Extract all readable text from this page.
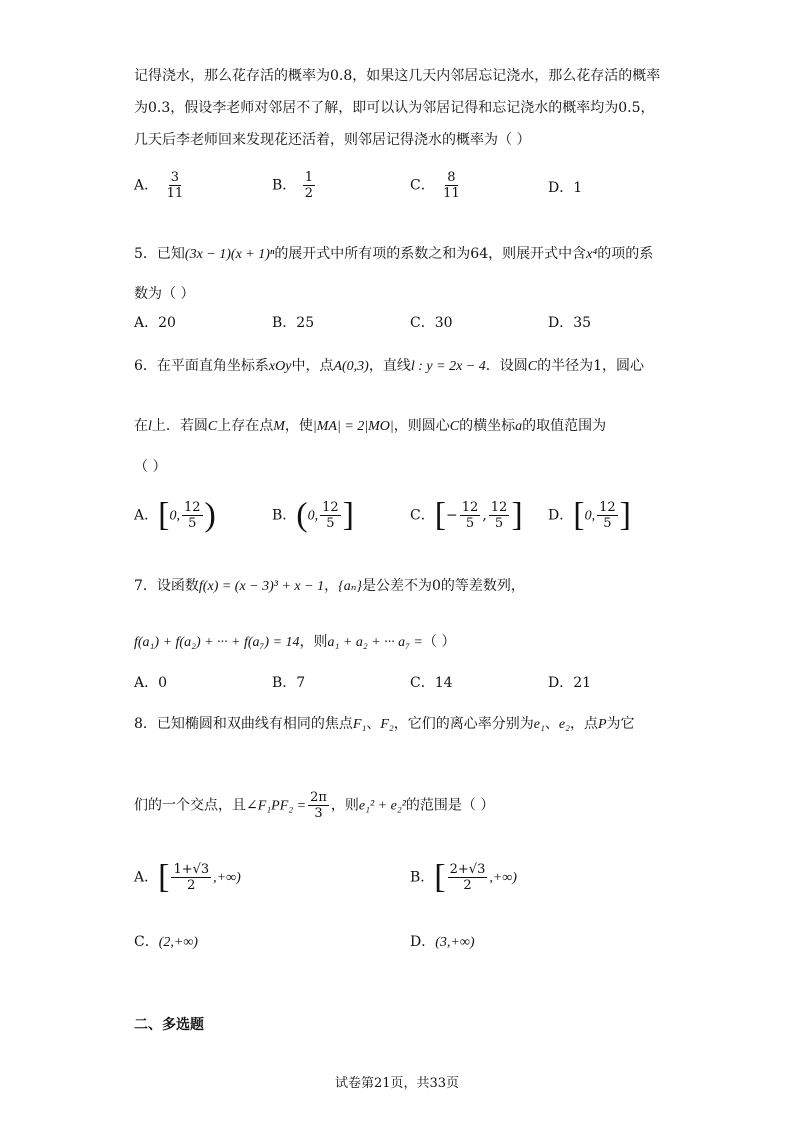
记得浇水，那么花存活的概率为0.8，如果这几天内邻居忘记浇水，那么花存活的概率
为0.3，假设李老师对邻居不了解，即可以认为邻居记得和忘记浇水的概率均为0.5，
几天后李老师回来发现花还活着，则邻居记得浇水的概率为（ ）
A． $\frac{3}{11}$	B． $\frac{1}{2}$	C． $\frac{8}{11}$	D．1
5．已知(3x − 1)(x + 1)ⁿ的展开式中所有项的系数之和为64，则展开式中含x⁴的项的系
数为（ ）
A．20	B．25	C．30	D．35
6．在平面直角坐标系xOy中，点A(0,3)，直线l : y = 2x − 4．设圆C的半径为1，圆心
在l上．若圆C上存在点M，使|MA| = 2|MO|，则圆心C的横坐标a的取值范围为
（ ）
A．[0, $\frac{12}{5}$ )	B．(0, $\frac{12}{5}$ ]	C．[− $\frac{12}{5}$ , $\frac{12}{5}$ ] D．[0, $\frac{12}{5}$ ]
7．设函数f(x) = (x − 3)³ + x − 1，{aₙ}是公差不为0的等差数列，
f(a₁) + f(a₂) + ··· + f(a₇) = 14，则a₁ + a₂ + ··· a₇ =（ ）
A．0	B．7	C．14	D．21
8．已知椭圆和双曲线有相同的焦点F₁、F₂，它们的离心率分别为e₁、e₂，点P为它
们的一个交点，且∠F₁PF₂ = $\frac{2\pi}{3}$ ，则e₁² + e₂²的范围是（ ）
A．[ $\frac{1+√3}{2}$ ,+∞)	B．[ $\frac{2+√3}{2}$ ,+∞)
C．(2,+∞)	D．(3,+∞)
二、多选题
试卷第21页，共33页
